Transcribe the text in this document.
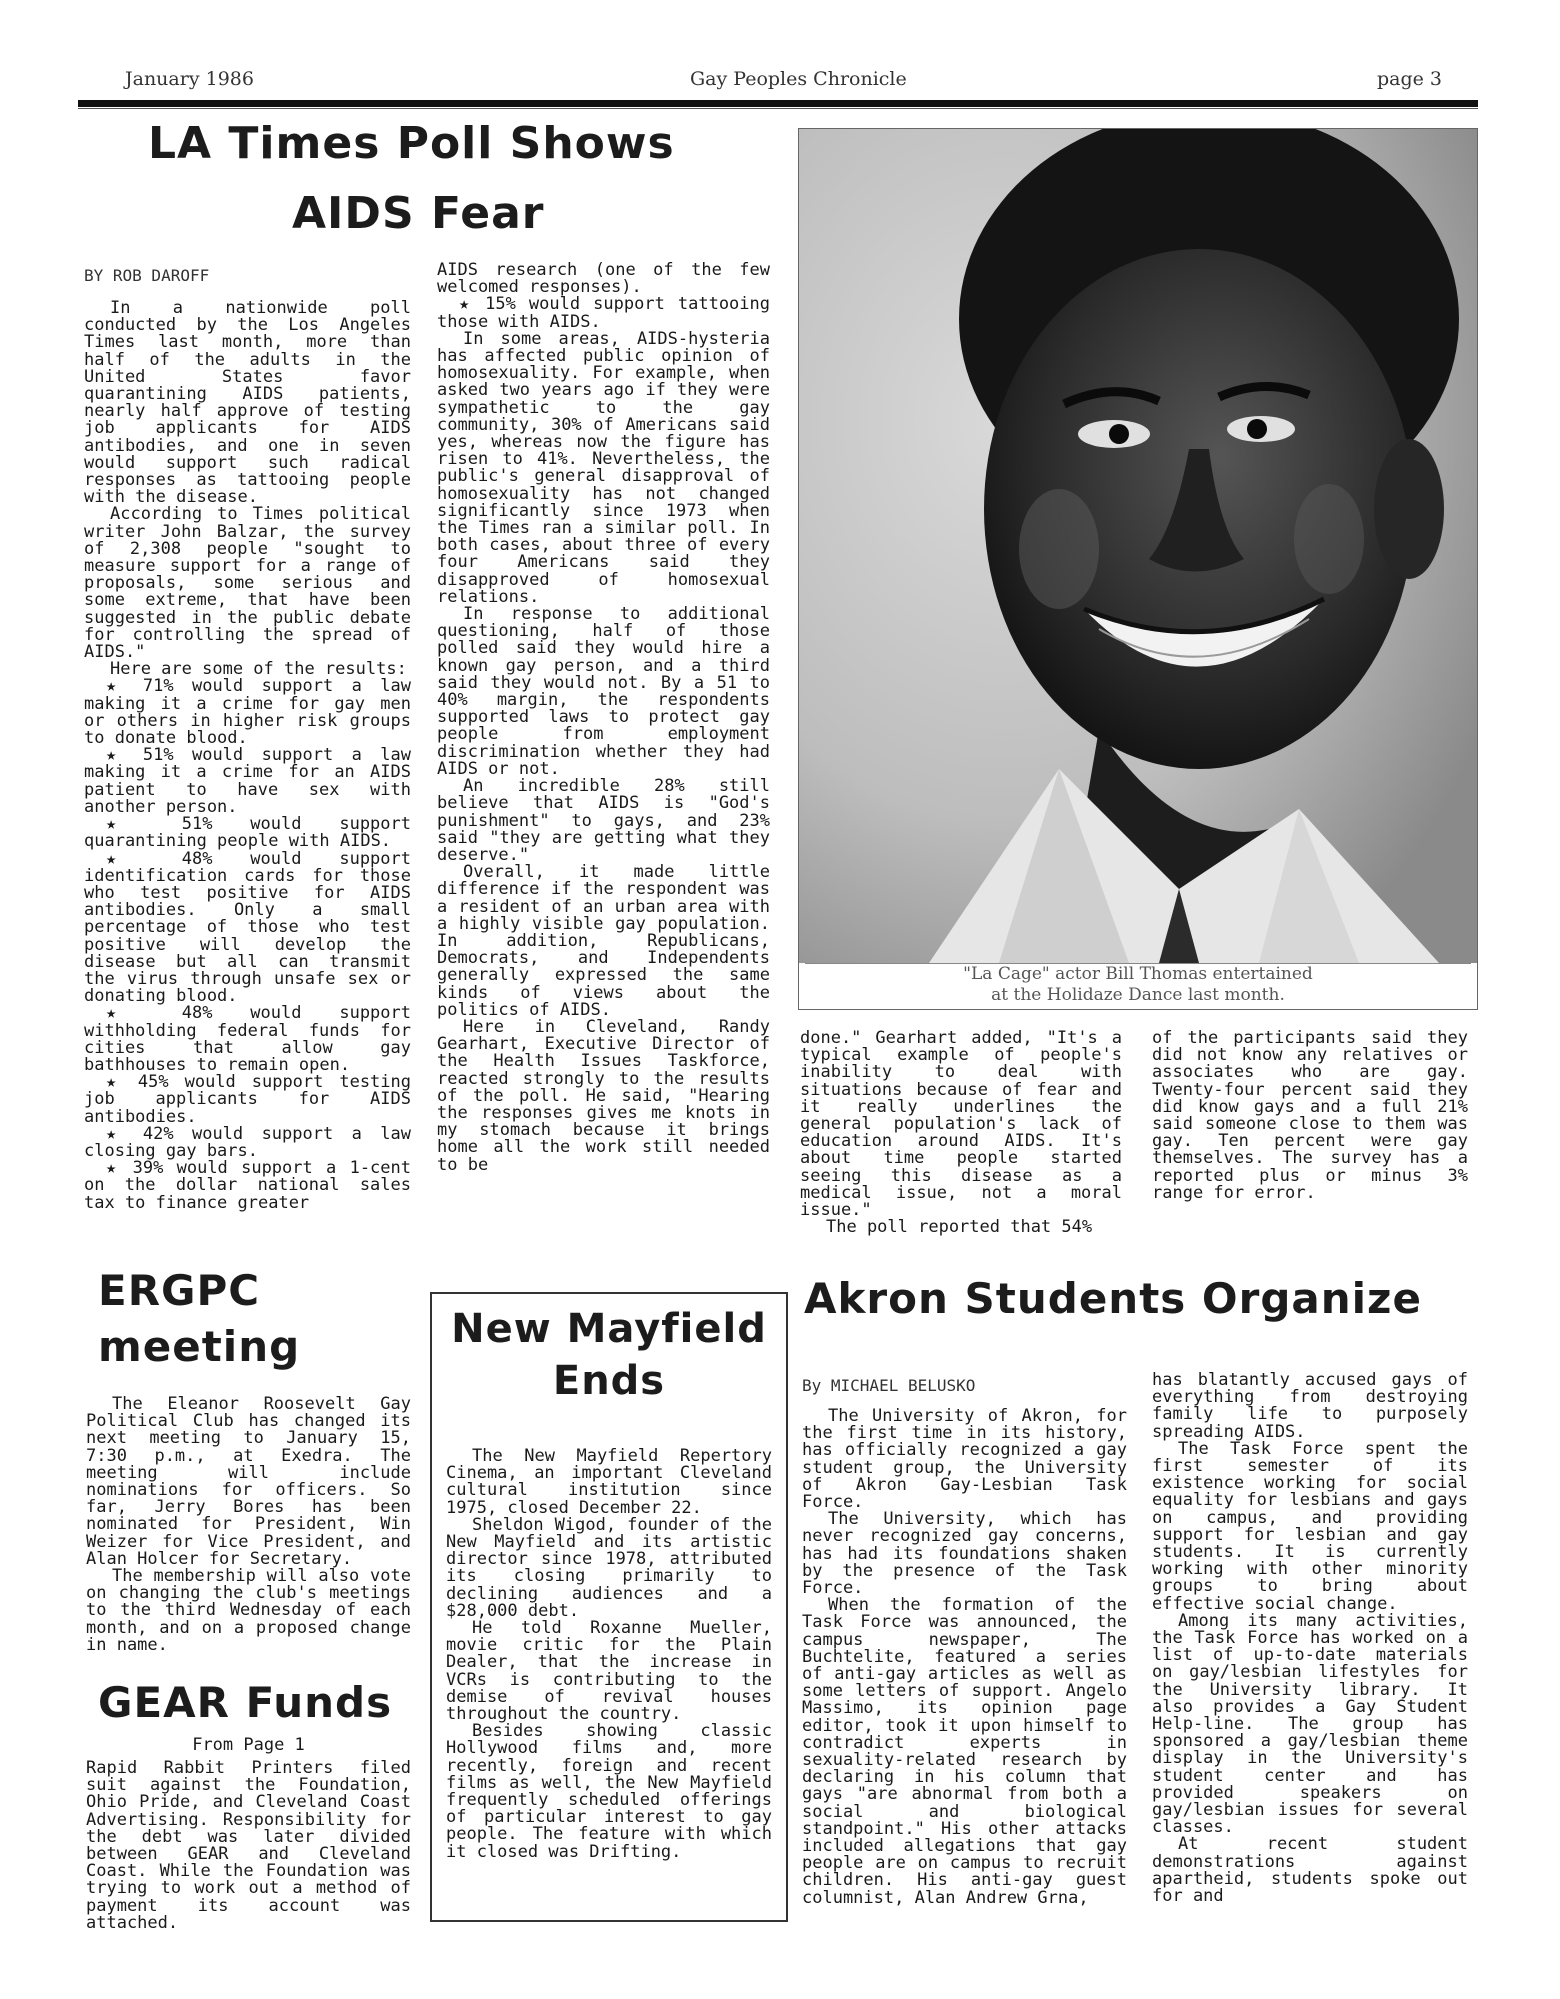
January 1986	Gay Peoples Chronicle	page 3
LA Times Poll Shows
AIDS Fear
BY ROB DAROFF

In a nationwide poll conducted by the Los Angeles Times last month, more than half of the adults in the United States favor quarantining AIDS patients, nearly half approve of testing job applicants for AIDS antibodies, and one in seven would support such radical responses as tattooing people with the disease.

According to Times political writer John Balzar, the survey of 2,308 people "sought to measure support for a range of proposals, some serious and some extreme, that have been suggested in the public debate for controlling the spread of AIDS."

Here are some of the results:

★ 71% would support a law making it a crime for gay men or others in higher risk groups to donate blood.

★ 51% would support a law making it a crime for an AIDS patient to have sex with another person.

★ 51% would support quarantining people with AIDS.

★ 48% would support identification cards for those who test positive for AIDS antibodies. Only a small percentage of those who test positive will develop the disease but all can transmit the virus through unsafe sex or donating blood.

★ 48% would support withholding federal funds for cities that allow gay bathhouses to remain open.

★ 45% would support testing job applicants for AIDS antibodies.

★ 42% would support a law closing gay bars.

★ 39% would support a 1-cent on the dollar national sales tax to finance greater

AIDS research (one of the few welcomed responses).

★ 15% would support tattooing those with AIDS.

In some areas, AIDS-hysteria has affected public opinion of homosexuality. For example, when asked two years ago if they were sympathetic to the gay community, 30% of Americans said yes, whereas now the figure has risen to 41%. Nevertheless, the public's general disapproval of homosexuality has not changed significantly since 1973 when the Times ran a similar poll. In both cases, about three of every four Americans said they disapproved of homosexual relations.

In response to additional questioning, half of those polled said they would hire a known gay person, and a third said they would not. By a 51 to 40% margin, the respondents supported laws to protect gay people from employment discrimination whether they had AIDS or not.

An incredible 28% still believe that AIDS is "God's punishment" to gays, and 23% said "they are getting what they deserve."

Overall, it made little difference if the respondent was a resident of an urban area with a highly visible gay population. In addition, Republicans, Democrats, and Independents generally expressed the same kinds of views about the politics of AIDS.

Here in Cleveland, Randy Gearhart, Executive Director of the Health Issues Taskforce, reacted strongly to the results of the poll. He said, "Hearing the responses gives me knots in my stomach because it brings home all the work still needed to be

"La Cage" actor Bill Thomas entertained
at the Holidaze Dance last month.

done." Gearhart added, "It's a typical example of people's inability to deal with situations because of fear and it really underlines the general population's lack of education around AIDS. It's about time people started seeing this disease as a medical issue, not a moral issue."

The poll reported that 54%

of the participants said they did not know any relatives or associates who are gay. Twenty-four percent said they did know gays and a full 21% said someone close to them was gay. Ten percent were gay themselves. The survey has a reported plus or minus 3% range for error.

ERGPC
meeting

The Eleanor Roosevelt Gay Political Club has changed its next meeting to January 15, 7:30 p.m., at Exedra. The meeting will include nominations for officers. So far, Jerry Bores has been nominated for President, Win Weizer for Vice President, and Alan Holcer for Secretary.

The membership will also vote on changing the club's meetings to the third Wednesday of each month, and on a proposed change in name.

GEAR Funds

From Page 1

Rapid Rabbit Printers filed suit against the Foundation, Ohio Pride, and Cleveland Coast Advertising. Responsibility for the debt was later divided between GEAR and Cleveland Coast. While the Foundation was trying to work out a method of payment its account was attached.

New Mayfield
Ends

The New Mayfield Repertory Cinema, an important Cleveland cultural institution since 1975, closed December 22.

Sheldon Wigod, founder of the New Mayfield and its artistic director since 1978, attributed its closing primarily to declining audiences and a $28,000 debt.

He told Roxanne Mueller, movie critic for the Plain Dealer, that the increase in VCRs is contributing to the demise of revival houses throughout the country.

Besides showing classic Hollywood films and, more recently, foreign and recent films as well, the New Mayfield frequently scheduled offerings of particular interest to gay people. The feature with which it closed was Drifting.

Akron Students Organize
By MICHAEL BELUSKO

The University of Akron, for the first time in its history, has officially recognized a gay student group, the University of Akron Gay-Lesbian Task Force.

The University, which has never recognized gay concerns, has had its foundations shaken by the presence of the Task Force.

When the formation of the Task Force was announced, the campus newspaper, The Buchtelite, featured a series of anti-gay articles as well as some letters of support. Angelo Massimo, its opinion page editor, took it upon himself to contradict experts in sexuality-related research by declaring in his column that gays "are abnormal from both a social and biological standpoint." His other attacks included allegations that gay people are on campus to recruit children. His anti-gay guest columnist, Alan Andrew Grna,

has blatantly accused gays of everything from destroying family life to purposely spreading AIDS.

The Task Force spent the first semester of its existence working for social equality for lesbians and gays on campus, and providing support for lesbian and gay students. It is currently working with other minority groups to bring about effective social change.

Among its many activities, the Task Force has worked on a list of up-to-date materials on gay/lesbian lifestyles for the University library. It also provides a Gay Student Help-line. The group has sponsored a gay/lesbian theme display in the University's student center and has provided speakers on gay/lesbian issues for several classes.

At recent student demonstrations against apartheid, students spoke out for and
